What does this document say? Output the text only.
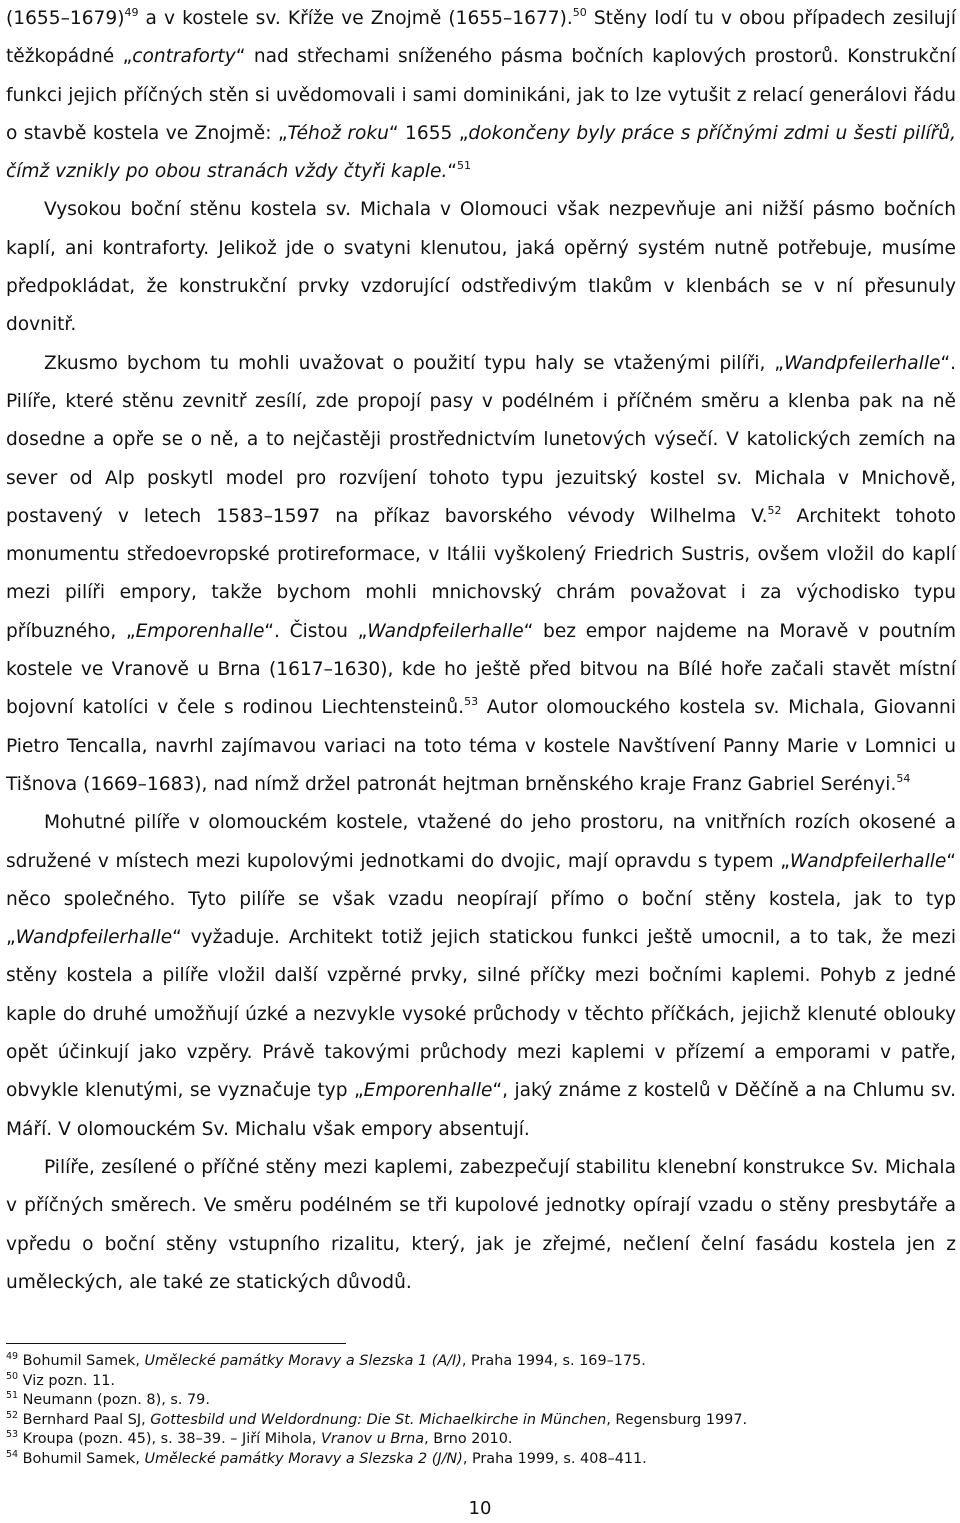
(1655–1679)$^{49}$ a v kostele sv. Kříže ve Znojmě (1655–1677).$^{50}$ Stěny lodí tu v obou případech zesilují těžkopádné „contraforty“ nad střechami sníženého pásma bočních kaplových prostorů. Konstrukční funkci jejich příčných stěn si uvědomovali i sami dominikáni, jak to lze vytušit z relací generálovi řádu o stavbě kostela ve Znojmě: „Téhož roku“ 1655 „dokončeny byly práce s příčnými zdmi u šesti pilířů, čímž vznikly po obou stranách vždy čtyři kaple.“$^{51}$

Vysokou boční stěnu kostela sv. Michala v Olomouci však nezpevňuje ani nižší pásmo bočních kaplí, ani kontraforty. Jelikož jde o svatyni klenutou, jaká opěrný systém nutně potřebuje, musíme předpokládat, že konstrukční prvky vzdorující odstředivým tlakům v klenbách se v ní přesunuly dovnitř.

Zkusmo bychom tu mohli uvažovat o použití typu haly se vtaženými pilíři, „Wandpfeilerhalle“. Pilíře, které stěnu zevnitř zesílí, zde propojí pasy v podélném i příčném směru a klenba pak na ně dosedne a opře se o ně, a to nejčastěji prostřednictvím lunetových výsečí. V katolických zemích na sever od Alp poskytl model pro rozvíjení tohoto typu jezuitský kostel sv. Michala v Mnichově, postavený v letech 1583–1597 na příkaz bavorského vévody Wilhelma V.$^{52}$ Architekt tohoto monumentu středoevropské protireformace, v Itálii vyškolený Friedrich Sustris, ovšem vložil do kaplí mezi pilíři empory, takže bychom mohli mnichovský chrám považovat i za východisko typu příbuzného, „Emporenhalle“. Čistou „Wandpfeilerhalle“ bez empor najdeme na Moravě v poutním kostele ve Vranově u Brna (1617–1630), kde ho ještě před bitvou na Bílé hoře začali stavět místní bojovní katolíci v čele s rodinou Liechtensteinů.$^{53}$ Autor olomouckého kostela sv. Michala, Giovanni Pietro Tencalla, navrhl zajímavou variaci na toto téma v kostele Navštívení Panny Marie v Lomnici u Tišnova (1669–1683), nad nímž držel patronát hejtman brněnského kraje Franz Gabriel Serényi.$^{54}$

Mohutné pilíře v olomouckém kostele, vtažené do jeho prostoru, na vnitřních rozích okosené a sdružené v místech mezi kupolovými jednotkami do dvojic, mají opravdu s typem „Wandpfeilerhalle“ něco společného. Tyto pilíře se však vzadu neopírají přímo o boční stěny kostela, jak to typ „Wandpfeilerhalle“ vyžaduje. Architekt totiž jejich statickou funkci ještě umocnil, a to tak, že mezi stěny kostela a pilíře vložil další vzpěrné prvky, silné příčky mezi bočními kaplemi. Pohyb z jedné kaple do druhé umožňují úzké a nezvykle vysoké průchody v těchto příčkách, jejichž klenuté oblouky opět účinkují jako vzpěry. Právě takovými průchody mezi kaplemi v přízemí a emporami v patře, obvykle klenutými, se vyznačuje typ „Emporenhalle“, jaký známe z kostelů v Děčíně a na Chlumu sv. Máří. V olomouckém Sv. Michalu však empory absentují.

Pilíře, zesílené o příčné stěny mezi kaplemi, zabezpečují stabilitu klenební konstrukce Sv. Michala v příčných směrech. Ve směru podélném se tři kupolové jednotky opírají vzadu o stěny presbytáře a vpředu o boční stěny vstupního rizalitu, který, jak je zřejmé, nečlení čelní fasádu kostela jen z uměleckých, ale také ze statických důvodů.

$^{49}$ Bohumil Samek, Umělecké památky Moravy a Slezska 1 (A/I), Praha 1994, s. 169–175.

$^{50}$ Viz pozn. 11.

$^{51}$ Neumann (pozn. 8), s. 79.

$^{52}$ Bernhard Paal SJ, Gottesbild und Weldordnung: Die St. Michaelkirche in München, Regensburg 1997.

$^{53}$ Kroupa (pozn. 45), s. 38–39. – Jiří Mihola, Vranov u Brna, Brno 2010.

$^{54}$ Bohumil Samek, Umělecké památky Moravy a Slezska 2 (J/N), Praha 1999, s. 408–411.

10
